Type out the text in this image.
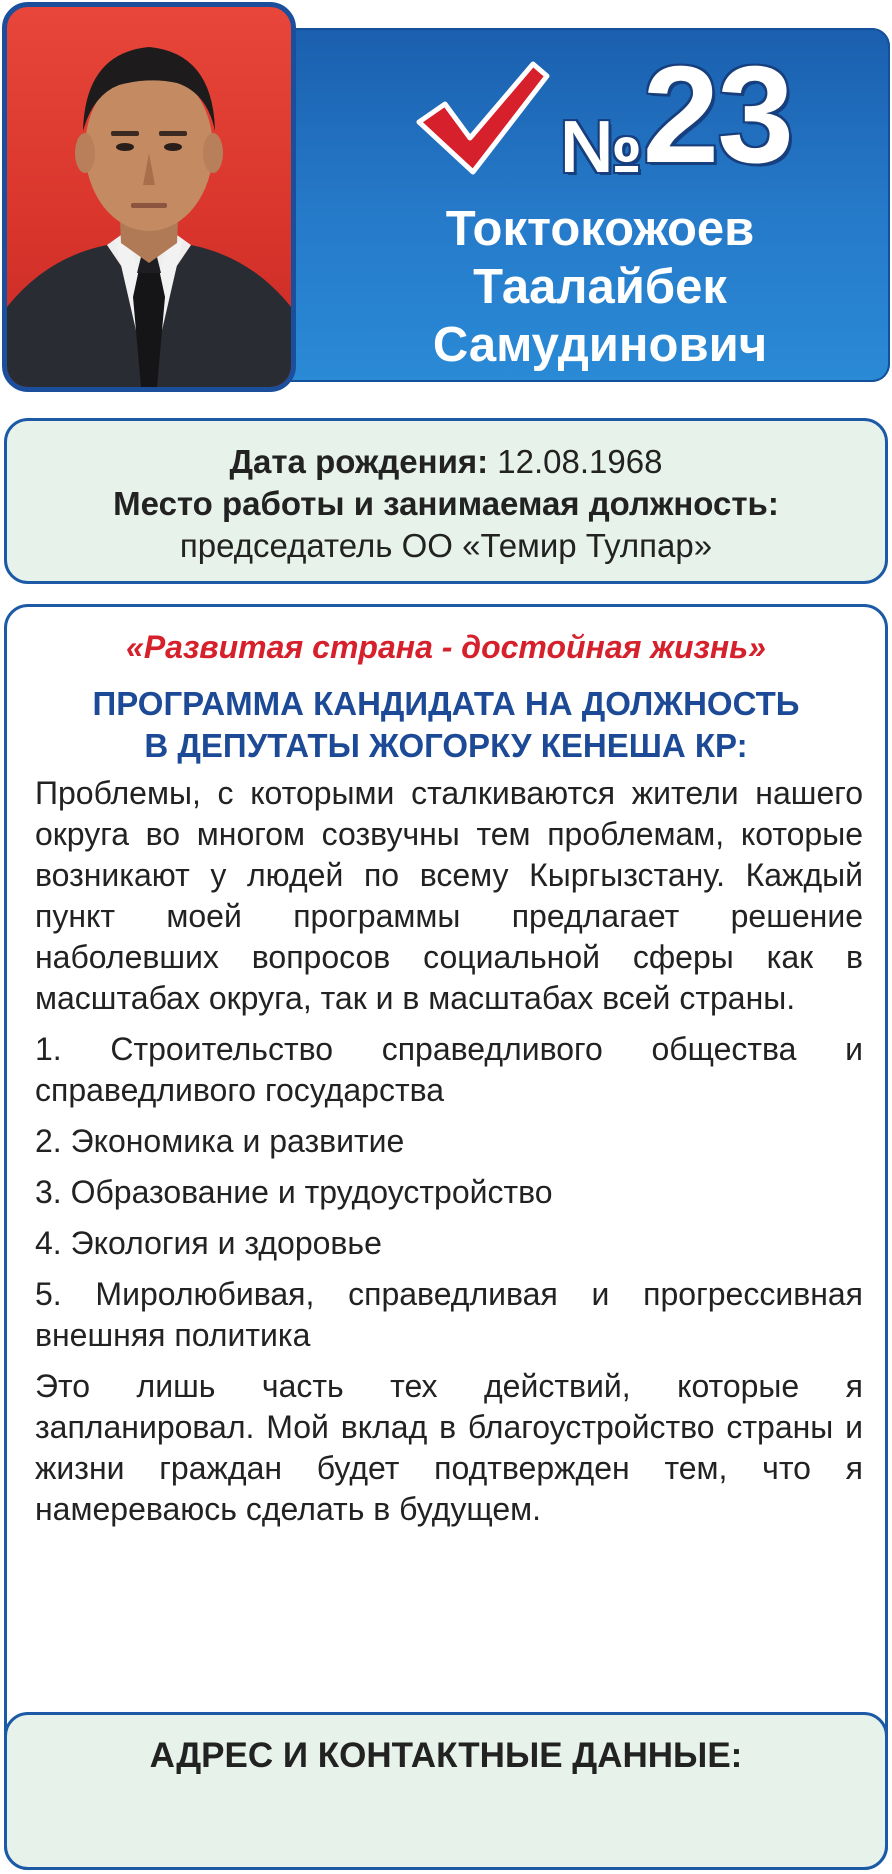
№ 23
Токтокожоев
Таалайбек
Самудинович
Дата рождения: 12.08.1968
Место работы и занимаемая должность:
председатель ОО «Темир Тулпар»
«Развитая страна - достойная жизнь»
ПРОГРАММА КАНДИДАТА НА ДОЛЖНОСТЬ
В ДЕПУТАТЫ ЖОГОРКУ КЕНЕША КР:

Проблемы, с которыми сталкиваются жители нашего округа во многом созвучны тем проблемам, которые возникают у людей по всему Кыргызстану. Каждый пункт моей программы предлагает решение наболевших вопросов социальной сферы как в масштабах округа, так и в масштабах всей страны.

1. Строительство справедливого общества и справедливого государства

2. Экономика и развитие

3. Образование и трудоустройство

4. Экология и здоровье

5. Миролюбивая, справедливая и прогрессивная внешняя политика

Это лишь часть тех действий, которые я запланировал. Мой вклад в благоустройство страны и жизни граждан будет подтвержден тем, что я намереваюсь сделать в будущем.

АДРЕС И КОНТАКТНЫЕ ДАННЫЕ:
